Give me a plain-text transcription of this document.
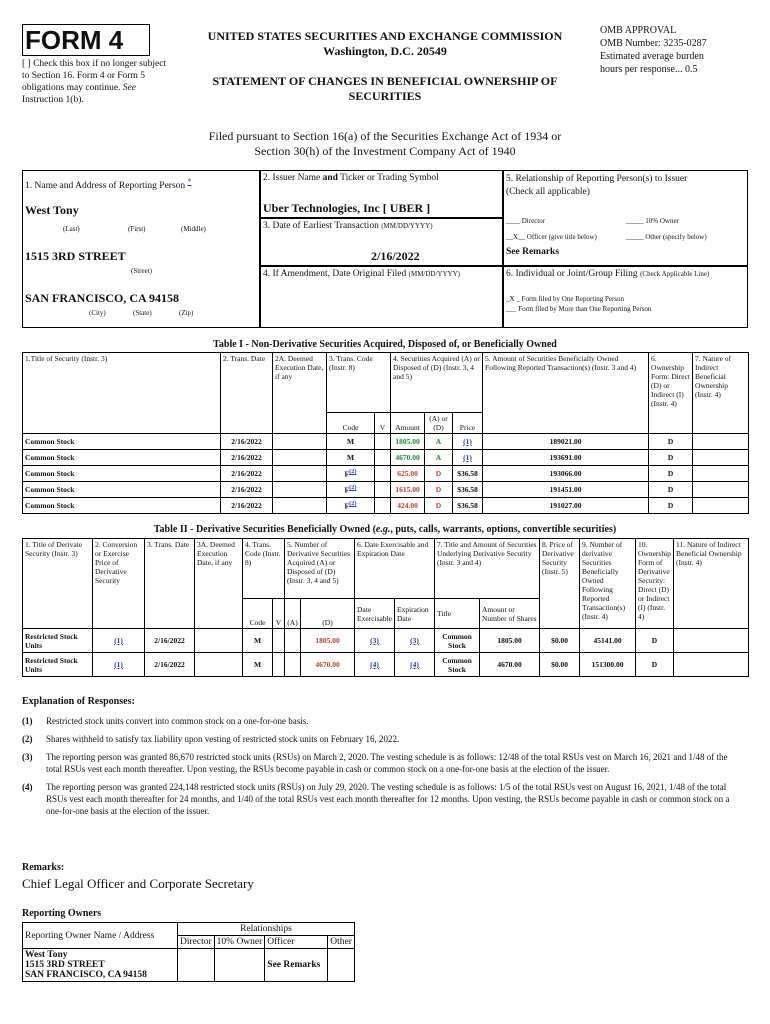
FORM 4
[ ] Check this box if no longer subject to Section 16. Form 4 or Form 5 obligations may continue. See Instruction 1(b).
UNITED STATES SECURITIES AND EXCHANGE COMMISSION
Washington, D.C. 20549
STATEMENT OF CHANGES IN BENEFICIAL OWNERSHIP OF
SECURITIES
OMB APPROVAL
OMB Number: 3235-0287
Estimated average burden
hours per response... 0.5
Filed pursuant to Section 16(a) of the Securities Exchange Act of 1934 or
Section 30(h) of the Investment Company Act of 1940
1. Name and Address of Reporting Person *
West Tony
(Last)	(First)	(Middle)
1515 3RD STREET
(Street)
SAN FRANCISCO, CA 94158
(City)	(State)	(Zip)
2. Issuer Name and Ticker or Trading Symbol
Uber Technologies, Inc [ UBER ]
3. Date of Earliest Transaction (MM/DD/YYYY)
2/16/2022
4. If Amendment, Date Original Filed (MM/DD/YYYY)
5. Relationship of Reporting Person(s) to Issuer
(Check all applicable)
____ Director	_____ 10% Owner
__X__ Officer (give title below)	_____ Other (specify below)
See Remarks
6. Individual or Joint/Group Filing (Check Applicable Line)
_X _ Form filed by One Reporting Person
___ Form filed by More than One Reporting Person
Table I - Non-Derivative Securities Acquired, Disposed of, or Beneficially Owned
1.Title of Security (Instr. 3)	2. Trans. Date	2A. Deemed Execution Date, if any	3. Trans. Code (Instr. 8)		4. Securities Acquired (A) or Disposed of (D) (Instr. 3, 4 and 5)			5. Amount of Securities Beneficially Owned Following Reported Transaction(s) (Instr. 3 and 4)	6. Ownership Form: Direct (D) or Indirect (I) (Instr. 4)	7. Nature of Indirect Beneficial Ownership (Instr. 4)
			Code	V	Amount	(A) or (D)	Price			
Common Stock	2/16/2022		M		1805.00	A	(1)	189021.00	D	
Common Stock	2/16/2022		M		4670.00	A	(1)	193691.00	D	
Common Stock	2/16/2022		$F^{(2)}$		625.00	D	$36.58	193066.00	D	
Common Stock	2/16/2022		$F^{(2)}$		1615.00	D	$36.58	191451.00	D	
Common Stock	2/16/2022		$F^{(2)}$		424.00	D	$36.58	191027.00	D	
Table II - Derivative Securities Beneficially Owned (e.g., puts, calls, warrants, options, convertible securities)
1. Title of Derivate Security (Instr. 3)	2. Conversion or Exercise Price of Derivative Security	3. Trans. Date	3A. Deemed Execution Date, if any	4. Trans. Code (Instr. 8)		5. Number of Derivative Securities Acquired (A) or Disposed of (D) (Instr. 3, 4 and 5)		6. Date Exercisable and Expiration Date		7. Title and Amount of Securities Underlying Derivative Security (Instr. 3 and 4)		8. Price of Derivative Security (Instr. 5)	9. Number of derivative Securities Beneficially Owned Following Reported Transaction(s) (Instr. 4)	10. Ownership Form of Derivative Security: Direct (D) or Indirect (I) (Instr. 4)	11. Nature of Indirect Beneficial Ownership (Instr. 4)
				Code	V	(A)	(D)	Date Exercisable	Expiration Date	Title	Amount or Number of Shares				
Restricted Stock Units	(1)	2/16/2022		M			1805.00	(3)	(3)	Common Stock	1805.00	$0.00	45141.00	D	
Restricted Stock Units	(1)	2/16/2022		M			4670.00	(4)	(4)	Common Stock	4670.00	$0.00	151300.00	D	
Explanation of Responses:

(1)	Restricted stock units convert into common stock on a one-for-one basis.

(2)	Shares withheld to satisfy tax liability upon vesting of restricted stock units on February 16, 2022.

(3)	The reporting person was granted 86,670 restricted stock units (RSUs) on March 2, 2020. The vesting schedule is as follows: 12/48 of the total RSUs vest on March 16, 2021 and 1/48 of the total RSUs vest each month thereafter. Upon vesting, the RSUs become payable in cash or common stock on a one-for-one basis at the election of the issuer.

(4)	The reporting person was granted 224,148 restricted stock units (RSUs) on July 29, 2020. The vesting schedule is as follows: 1/5 of the total RSUs vest on August 16, 2021, 1/48 of the total RSUs vest each month thereafter for 24 months, and 1/40 of the total RSUs vest each month thereafter for 12 months. Upon vesting, the RSUs become payable in cash or common stock on a one-for-one basis at the election of the issuer.

Remarks:
Chief Legal Officer and Corporate Secretary
Reporting Owners
Reporting Owner Name / Address	Relationships			
	Director	10% Owner	Officer	Other

West Tony
1515 3RD STREET
SAN FRANCISCO, CA 94158			See Remarks	
